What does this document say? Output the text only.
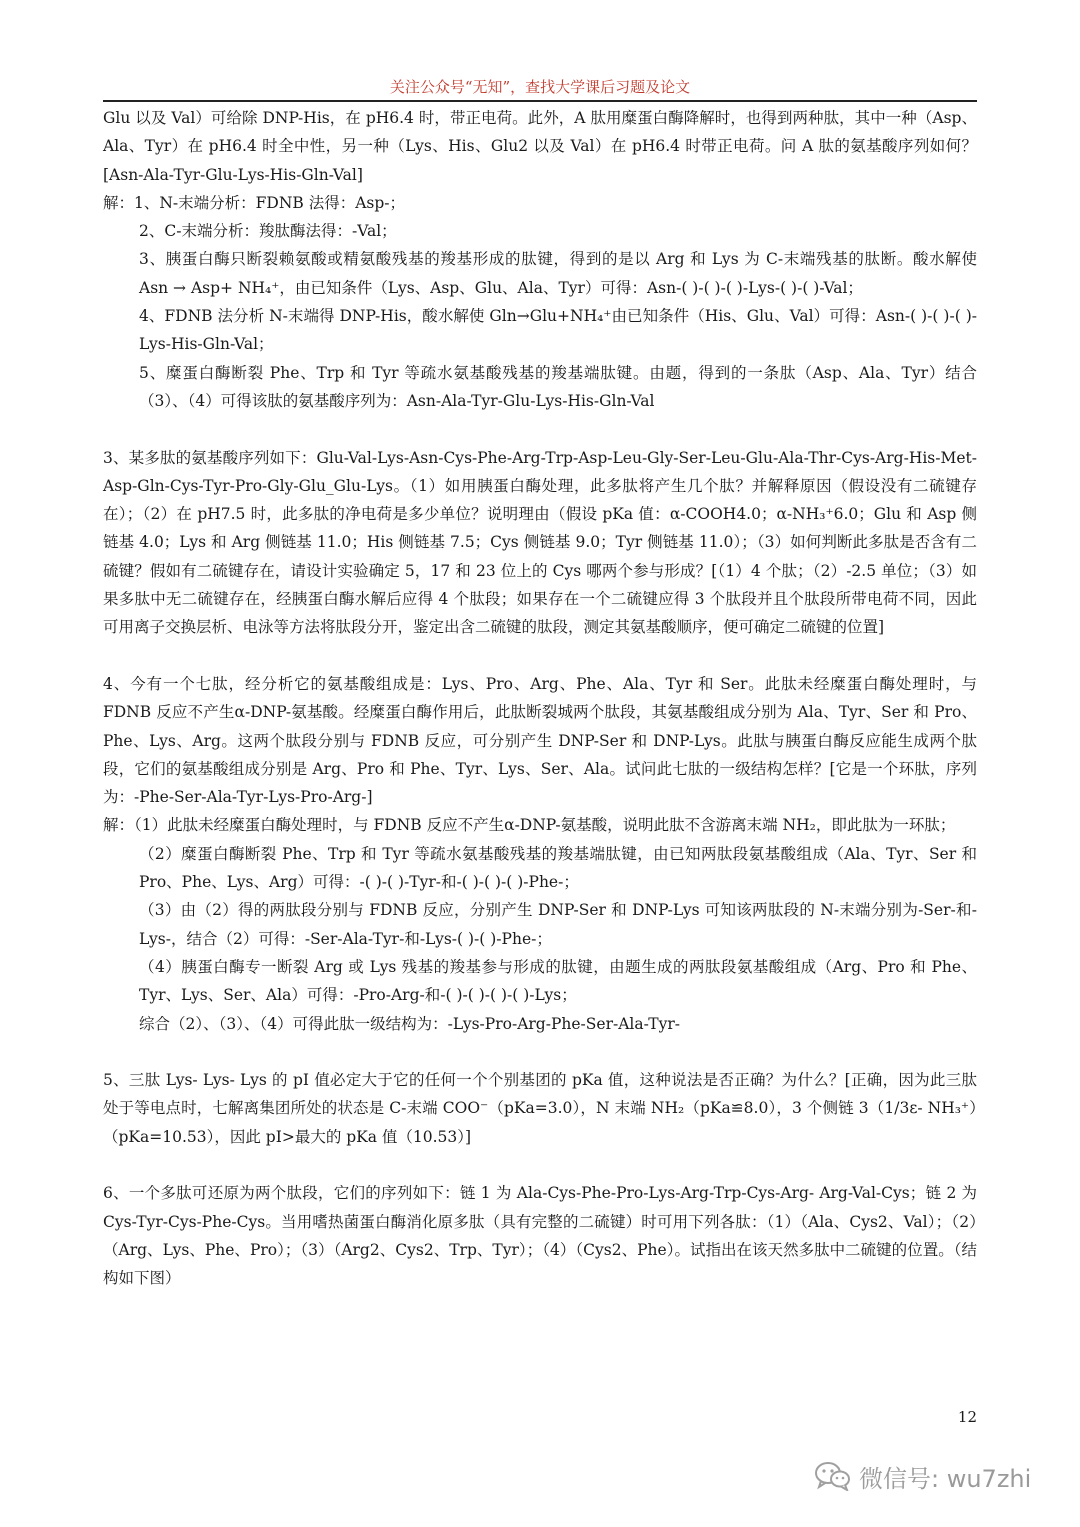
关注公众号“无知”，查找大学课后习题及论文

Glu 以及 Val）可给除 DNP-His，在 pH6.4 时，带正电荷。此外，A 肽用糜蛋白酶降解时，也得到两种肽，其中一种（Asp、Ala、Tyr）在 pH6.4 时全中性，另一种（Lys、His、Glu2 以及 Val）在 pH6.4 时带正电荷。问 A 肽的氨基酸序列如何？[Asn-Ala-Tyr-Glu-Lys-His-Gln-Val]

解：1、N-末端分析：FDNB 法得：Asp-；

2、C-末端分析：羧肽酶法得：-Val；

3、胰蛋白酶只断裂赖氨酸或精氨酸残基的羧基形成的肽键，得到的是以 Arg 和 Lys 为 C-末端残基的肽断。酸水解使 Asn → Asp+ NH₄⁺，由已知条件（Lys、Asp、Glu、Ala、Tyr）可得：Asn-( )-( )-( )-Lys-( )-( )-Val；

4、FDNB 法分析 N-末端得 DNP-His，酸水解使 Gln→Glu+NH₄⁺由已知条件（His、Glu、Val）可得：Asn-( )-( )-( )-Lys-His-Gln-Val；

5、糜蛋白酶断裂 Phe、Trp 和 Tyr 等疏水氨基酸残基的羧基端肽键。由题，得到的一条肽（Asp、Ala、Tyr）结合（3）、（4）可得该肽的氨基酸序列为：Asn-Ala-Tyr-Glu-Lys-His-Gln-Val

3、某多肽的氨基酸序列如下：Glu-Val-Lys-Asn-Cys-Phe-Arg-Trp-Asp-Leu-Gly-Ser-Leu-Glu-Ala-Thr-Cys-Arg-His-Met-Asp-Gln-Cys-Tyr-Pro-Gly-Glu_Glu-Lys。（1）如用胰蛋白酶处理，此多肽将产生几个肽？并解释原因（假设没有二硫键存在）；（2）在 pH7.5 时，此多肽的净电荷是多少单位？说明理由（假设 pKa 值：α-COOH4.0；α-NH₃⁺6.0；Glu 和 Asp 侧链基 4.0；Lys 和 Arg 侧链基 11.0；His 侧链基 7.5；Cys 侧链基 9.0；Tyr 侧链基 11.0）；（3）如何判断此多肽是否含有二硫键？假如有二硫键存在，请设计实验确定 5，17 和 23 位上的 Cys 哪两个参与形成？[（1）4 个肽；（2）-2.5 单位；（3）如果多肽中无二硫键存在，经胰蛋白酶水解后应得 4 个肽段；如果存在一个二硫键应得 3 个肽段并且个肽段所带电荷不同，因此可用离子交换层析、电泳等方法将肽段分开，鉴定出含二硫键的肽段，测定其氨基酸顺序，便可确定二硫键的位置]

4、今有一个七肽，经分析它的氨基酸组成是：Lys、Pro、Arg、Phe、Ala、Tyr 和 Ser。此肽未经糜蛋白酶处理时，与 FDNB 反应不产生α-DNP-氨基酸。经糜蛋白酶作用后，此肽断裂城两个肽段，其氨基酸组成分别为 Ala、Tyr、Ser 和 Pro、Phe、Lys、Arg。这两个肽段分别与 FDNB 反应，可分别产生 DNP-Ser 和 DNP-Lys。此肽与胰蛋白酶反应能生成两个肽段，它们的氨基酸组成分别是 Arg、Pro 和 Phe、Tyr、Lys、Ser、Ala。试问此七肽的一级结构怎样？[它是一个环肽，序列为：-Phe-Ser-Ala-Tyr-Lys-Pro-Arg-]

解：（1）此肽未经糜蛋白酶处理时，与 FDNB 反应不产生α-DNP-氨基酸，说明此肽不含游离末端 NH₂，即此肽为一环肽；

（2）糜蛋白酶断裂 Phe、Trp 和 Tyr 等疏水氨基酸残基的羧基端肽键，由已知两肽段氨基酸组成（Ala、Tyr、Ser 和 Pro、Phe、Lys、Arg）可得：-( )-( )-Tyr-和-( )-( )-( )-Phe-；

（3）由（2）得的两肽段分别与 FDNB 反应，分别产生 DNP-Ser 和 DNP-Lys 可知该两肽段的 N-末端分别为-Ser-和-Lys-，结合（2）可得：-Ser-Ala-Tyr-和-Lys-( )-( )-Phe-；

（4）胰蛋白酶专一断裂 Arg 或 Lys 残基的羧基参与形成的肽键，由题生成的两肽段氨基酸组成（Arg、Pro 和 Phe、Tyr、Lys、Ser、Ala）可得：-Pro-Arg-和-( )-( )-( )-( )-Lys；

综合（2）、（3）、（4）可得此肽一级结构为：-Lys-Pro-Arg-Phe-Ser-Ala-Tyr-

5、三肽 Lys- Lys- Lys 的 pI 值必定大于它的任何一个个别基团的 pKa 值，这种说法是否正确？为什么？[正确，因为此三肽处于等电点时，七解离集团所处的状态是 C-末端 COO⁻（pKa=3.0），N 末端 NH₂（pKa≌8.0），3 个侧链 3（1/3ε- NH₃⁺）（pKa=10.53），因此 pI>最大的 pKa 值（10.53）]

6、一个多肽可还原为两个肽段，它们的序列如下：链 1 为 Ala-Cys-Phe-Pro-Lys-Arg-Trp-Cys-Arg- Arg-Val-Cys；链 2 为 Cys-Tyr-Cys-Phe-Cys。当用嗜热菌蛋白酶消化原多肽（具有完整的二硫键）时可用下列各肽：（1）（Ala、Cys2、Val）；（2）（Arg、Lys、Phe、Pro）；（3）（Arg2、Cys2、Trp、Tyr）；（4）（Cys2、Phe）。试指出在该天然多肽中二硫键的位置。（结构如下图）

12
微信号: wu7zhi
